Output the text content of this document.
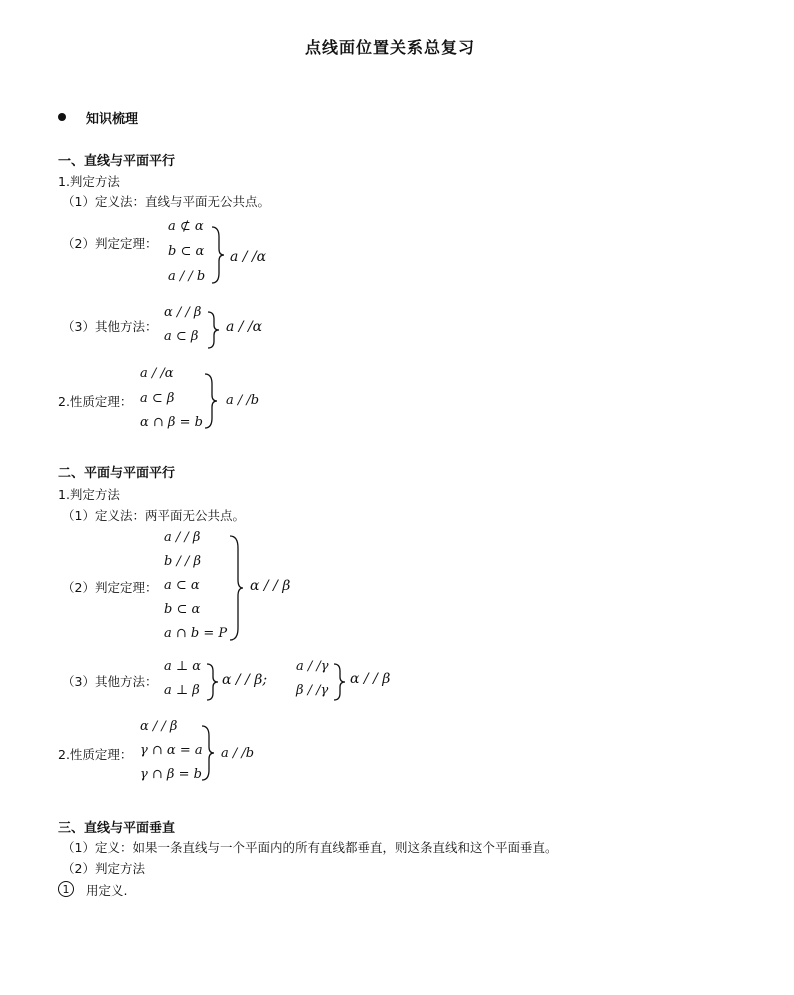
点线面位置关系总复习
知识梳理
一、直线与平面平行
1.判定方法
（1）定义法：直线与平面无公共点。
（2）判定定理：
a ⊄ α
b ⊂ α
a / / b
a / /α
（3）其他方法：
α / / β
a ⊂ β
a / /α
2.性质定理：
a / /α
a ⊂ β
α ∩ β = b
a / /b
二、平面与平面平行
1.判定方法
（1）定义法：两平面无公共点。
（2）判定定理：
a / / β
b / / β
a ⊂ α
b ⊂ α
a ∩ b = P
α / / β
（3）其他方法：
a ⊥ α
a ⊥ β
α / / β;
a / /γ
β / /γ
α / / β
2.性质定理：
α / / β
γ ∩ α = a
γ ∩ β = b
a / /b
三、直线与平面垂直
（1）定义：如果一条直线与一个平面内的所有直线都垂直，则这条直线和这个平面垂直。
（2）判定方法
1	用定义.
